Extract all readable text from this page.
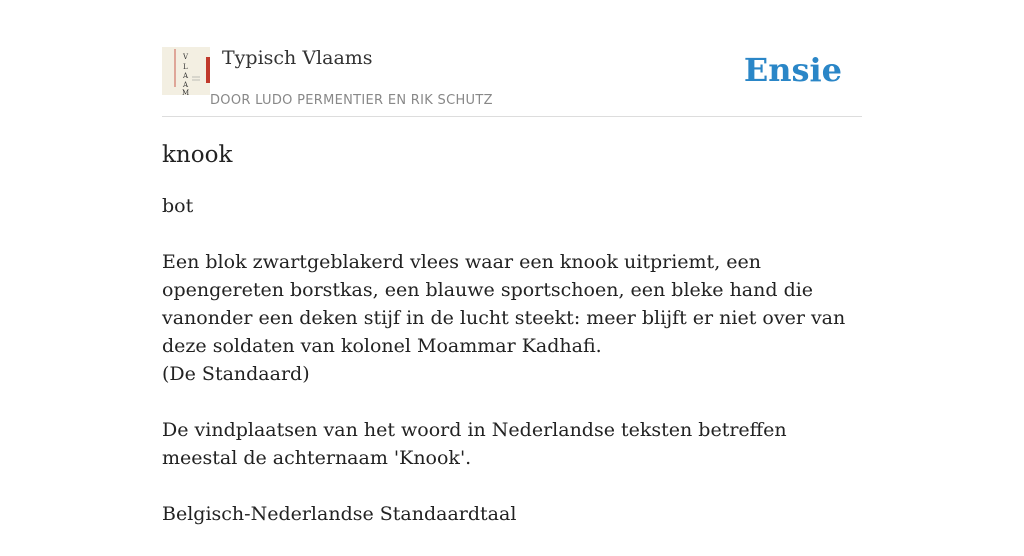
V
L
A
A
M
Typisch Vlaams
DOOR LUDO PERMENTIER EN RIK SCHUTZ
Ensie
knook

bot

Een blok zwartgeblakerd vlees waar een knook uitpriemt, een opengereten borstkas, een blauwe sportschoen, een bleke hand die vanonder een deken stijf in de lucht steekt: meer blijft er niet over van deze soldaten van kolonel Moammar Kadhafi.

(De Standaard)

De vindplaatsen van het woord in Nederlandse teksten betreffen meestal de achternaam 'Knook'.

Belgisch-Nederlandse Standaardtaal
